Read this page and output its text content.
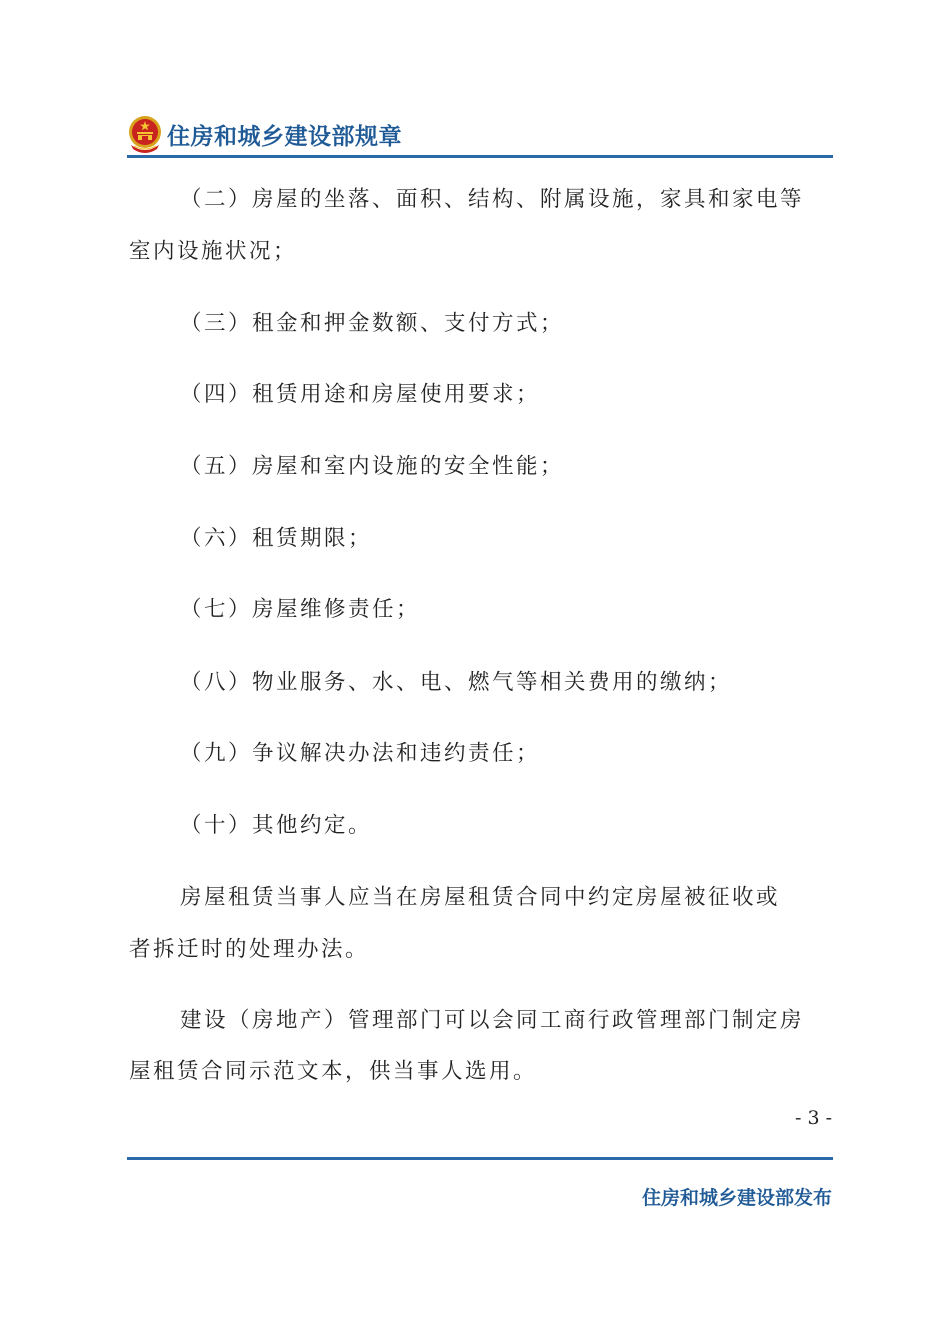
住房和城乡建设部规章
（二）房屋的坐落、面积、结构、附属设施，家具和家电等
室内设施状况；
（三）租金和押金数额、支付方式；
（四）租赁用途和房屋使用要求；
（五）房屋和室内设施的安全性能；
（六）租赁期限；
（七）房屋维修责任；
（八）物业服务、水、电、燃气等相关费用的缴纳；
（九）争议解决办法和违约责任；
（十）其他约定。
房屋租赁当事人应当在房屋租赁合同中约定房屋被征收或
者拆迁时的处理办法。
建设（房地产）管理部门可以会同工商行政管理部门制定房
屋租赁合同示范文本，供当事人选用。
- 3 -
住房和城乡建设部发布
